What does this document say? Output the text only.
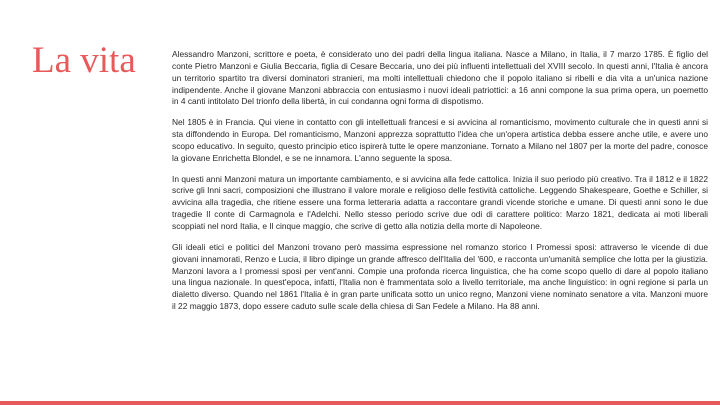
La vita	Alessandro Manzoni, scrittore e poeta, è considerato uno dei padri della lingua italiana. Nasce a Milano, in Italia, il 7 marzo 1785. È figlio del conte Pietro Manzoni e Giulia Beccaria, figlia di Cesare Beccaria, uno dei più influenti intellettuali del XVIII secolo. In questi anni, l'Italia è ancora un territorio spartito tra diversi dominatori stranieri, ma molti intellettuali chiedono che il popolo italiano si ribelli e dia vita a un'unica nazione indipendente. Anche il giovane Manzoni abbraccia con entusiasmo i nuovi ideali patriottici: a 16 anni compone la sua prima opera, un poemetto in 4 canti intitolato Del trionfo della libertà, in cui condanna ogni forma di dispotismo.

Nel 1805 è in Francia. Qui viene in contatto con gli intellettuali francesi e si avvicina al romanticismo, movimento culturale che in questi anni si sta diffondendo in Europa. Del romanticismo, Manzoni apprezza soprattutto l'idea che un'opera artistica debba essere anche utile, e avere uno scopo educativo. In seguito, questo principio etico ispirerà tutte le opere manzoniane. Tornato a Milano nel 1807 per la morte del padre, conosce la giovane Enrichetta Blondel, e se ne innamora. L'anno seguente la sposa.

In questi anni Manzoni matura un importante cambiamento, e si avvicina alla fede cattolica. Inizia il suo periodo più creativo. Tra il 1812 e il 1822 scrive gli Inni sacri, composizioni che illustrano il valore morale e religioso delle festività cattoliche. Leggendo Shakespeare, Goethe e Schiller, si avvicina alla tragedia, che ritiene essere una forma letteraria adatta a raccontare grandi vicende storiche e umane. Di questi anni sono le due tragedie Il conte di Carmagnola e l'Adelchi. Nello stesso periodo scrive due odi di carattere politico: Marzo 1821, dedicata ai moti liberali scoppiati nel nord Italia, e Il cinque maggio, che scrive di getto alla notizia della morte di Napoleone.

Gli ideali etici e politici del Manzoni trovano però massima espressione nel romanzo storico I Promessi sposi: attraverso le vicende di due giovani innamorati, Renzo e Lucia, il libro dipinge un grande affresco dell'Italia del '600, e racconta un'umanità semplice che lotta per la giustizia. Manzoni lavora a I promessi sposi per vent'anni. Compie una profonda ricerca linguistica, che ha come scopo quello di dare al popolo italiano una lingua nazionale. In quest'epoca, infatti, l'Italia non è frammentata solo a livello territoriale, ma anche linguistico: in ogni regione si parla un dialetto diverso. Quando nel 1861 l'Italia è in gran parte unificata sotto un unico regno, Manzoni viene nominato senatore a vita. Manzoni muore il 22 maggio 1873, dopo essere caduto sulle scale della chiesa di San Fedele a Milano. Ha 88 anni.
